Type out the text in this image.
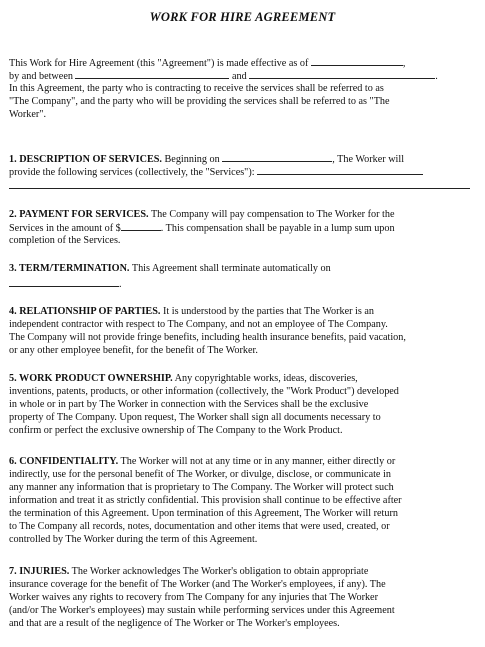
WORK FOR HIRE AGREEMENT
This Work for Hire Agreement (this "Agreement") is made effective as of	,
by and between	and	.
In this Agreement, the party who is contracting to receive the services shall be referred to as
"The Company", and the party who will be providing the services shall be referred to as "The
Worker".
1. DESCRIPTION OF SERVICES. Beginning on	, The Worker will
provide the following services (collectively, the "Services"):
2. PAYMENT FOR SERVICES. The Company will pay compensation to The Worker for the
Services in the amount of $	. This compensation shall be payable in a lump sum upon
completion of the Services.
3. TERM/TERMINATION. This Agreement shall terminate automatically on
.
4. RELATIONSHIP OF PARTIES. It is understood by the parties that The Worker is an
independent contractor with respect to The Company, and not an employee of The Company.
The Company will not provide fringe benefits, including health insurance benefits, paid vacation,
or any other employee benefit, for the benefit of The Worker.
5. WORK PRODUCT OWNERSHIP. Any copyrightable works, ideas, discoveries,
inventions, patents, products, or other information (collectively, the "Work Product") developed
in whole or in part by The Worker in connection with the Services shall be the exclusive
property of The Company. Upon request, The Worker shall sign all documents necessary to
confirm or perfect the exclusive ownership of The Company to the Work Product.
6. CONFIDENTIALITY. The Worker will not at any time or in any manner, either directly or
indirectly, use for the personal benefit of The Worker, or divulge, disclose, or communicate in
any manner any information that is proprietary to The Company. The Worker will protect such
information and treat it as strictly confidential. This provision shall continue to be effective after
the termination of this Agreement. Upon termination of this Agreement, The Worker will return
to The Company all records, notes, documentation and other items that were used, created, or
controlled by The Worker during the term of this Agreement.
7. INJURIES. The Worker acknowledges The Worker's obligation to obtain appropriate
insurance coverage for the benefit of The Worker (and The Worker's employees, if any). The
Worker waives any rights to recovery from The Company for any injuries that The Worker
(and/or The Worker's employees) may sustain while performing services under this Agreement
and that are a result of the negligence of The Worker or The Worker's employees.
